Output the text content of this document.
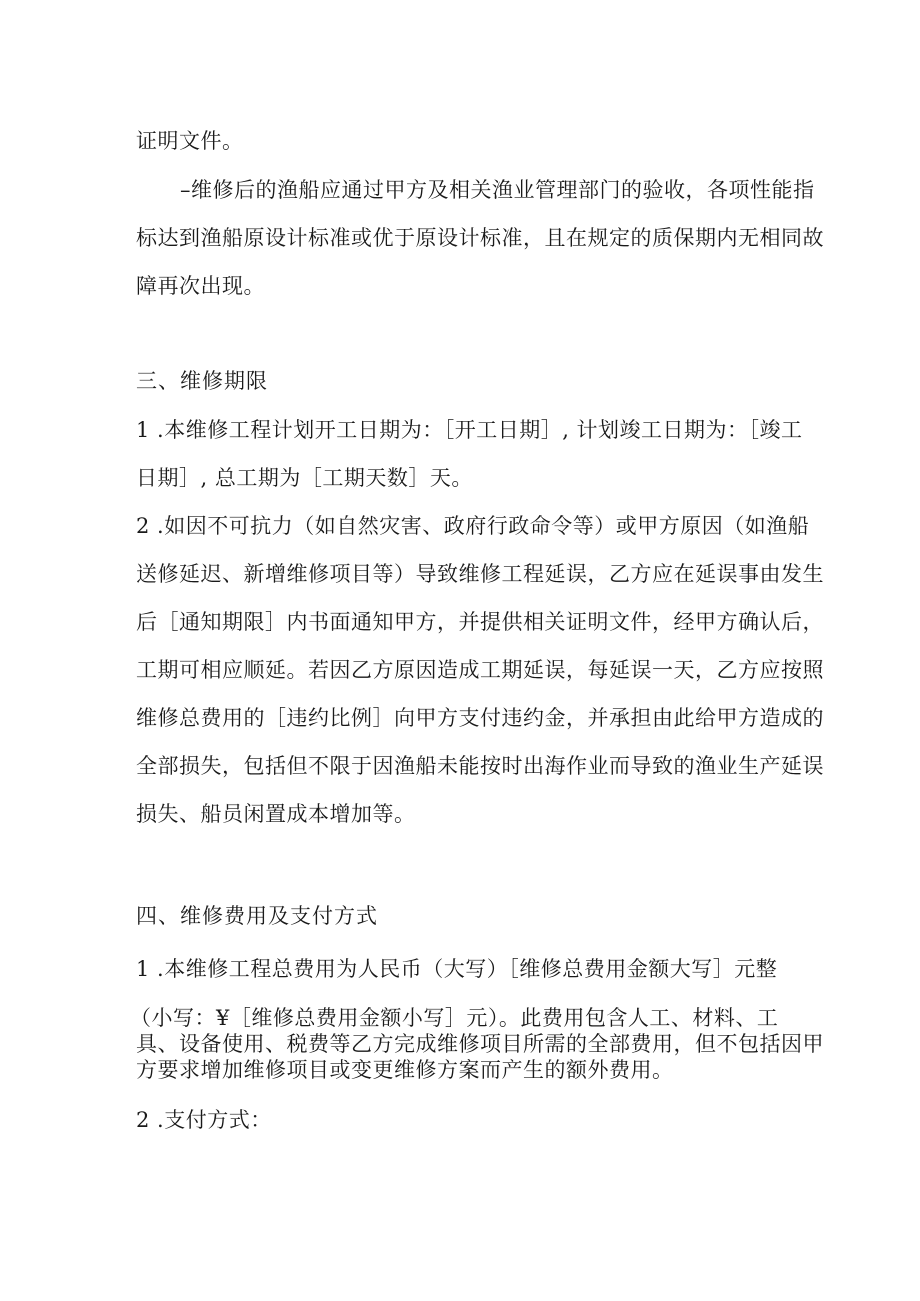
证明文件。
–维修后的渔船应通过甲方及相关渔业管理部门的验收，各项性能指
标达到渔船原设计标准或优于原设计标准，且在规定的质保期内无相同故
障再次出现。
三、维修期限
1 .本维修工程计划开工日期为：［开工日期］, 计划竣工日期为：［竣工
日期］, 总工期为［工期天数］天。
2 .如因不可抗力（如自然灾害、政府行政命令等）或甲方原因（如渔船
送修延迟、新增维修项目等）导致维修工程延误，乙方应在延误事由发生
后［通知期限］内书面通知甲方，并提供相关证明文件，经甲方确认后，
工期可相应顺延。若因乙方原因造成工期延误，每延误一天，乙方应按照
维修总费用的［违约比例］向甲方支付违约金，并承担由此给甲方造成的
全部损失，包括但不限于因渔船未能按时出海作业而导致的渔业生产延误
损失、船员闲置成本增加等。
四、维修费用及支付方式
1 .本维修工程总费用为人民币（大写）［维修总费用金额大写］元整
（小写：¥［维修总费用金额小写］元）。此费用包含人工、材料、工
具、设备使用、税费等乙方完成维修项目所需的全部费用，但不包括因甲
方要求增加维修项目或变更维修方案而产生的额外费用。
2 .支付方式：
